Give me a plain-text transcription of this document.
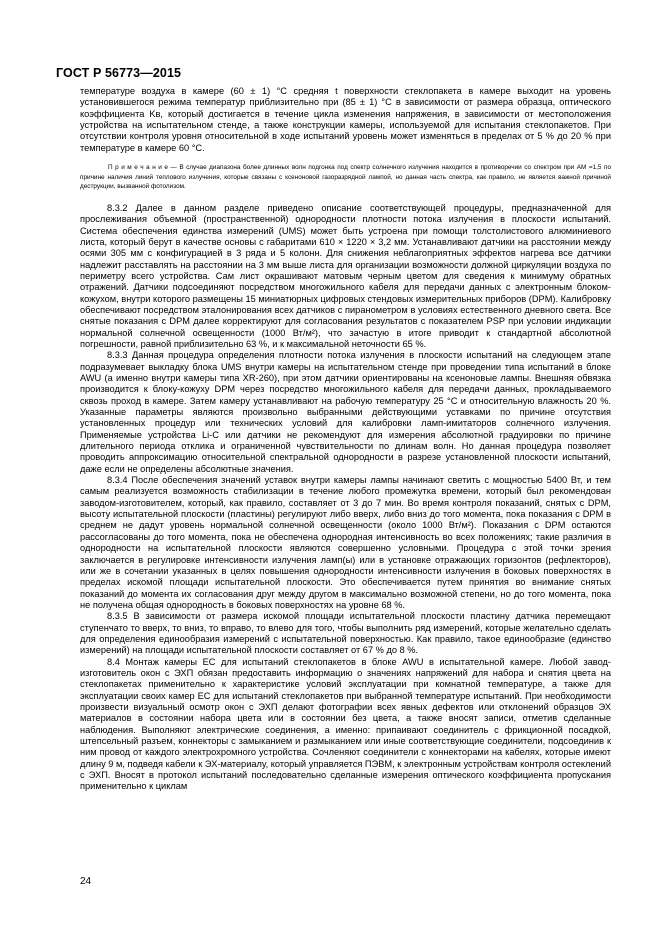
ГОСТ Р 56773—2015

температуре воздуха в камере (60 ± 1) °С средняя t поверхности стеклопакета в камере выходит на уровень установившегося режима температур приблизительно при (85 ± 1) °С в зависимости от размера образца, оптического коэффициента Kв, который достигается в течение цикла изменения напряжения, в зависимости от местоположения устройства на испытательном стенде, а также конструкции камеры, используемой для испытания стеклопакетов. При отсутствии контроля уровня относительной в ходе испытаний уровень может изменяться в пределах от 5 % до 20 % при температуре в камере 60 °С.

П р и м е ч а н и е — В случае диапазона более длинных волн подгонка под спектр солнечного излучения находится в противоречии со спектром при АМ =1,5 по причине наличия линий теплового излучения, которые связаны с ксеноновой газоразрядной лампой, но данная часть спектра, как правило, не является важной причиной деструкции, вызванной фотолизом.

8.3.2 Далее в данном разделе приведено описание соответствующей процедуры, предназначенной для прослеживания объемной (пространственной) однородности плотности потока излучения в плоскости испытаний. Система обеспечения единства измерений (UMS) может быть устроена при помощи толстолистового алюминиевого листа, который берут в качестве основы с габаритами 610 × 1220 × 3,2 мм. Устанавливают датчики на расстоянии между осями 305 мм с конфигурацией в 3 ряда и 5 колонн. Для снижения неблагоприятных эффектов нагрева все датчики надлежит расставлять на расстоянии на 3 мм выше листа для организации возможности должной циркуляции воздуха по периметру всего устройства. Сам лист окрашивают матовым черным цветом для сведения к минимуму обратных отражений. Датчики подсоединяют посредством многожильного кабеля для передачи данных с электронным блоком-кожухом, внутри которого размещены 15 миниатюрных цифровых стендовых измерительных приборов (DPM). Калибровку обеспечивают посредством эталонирования всех датчиков с пиранометром в условиях естественного дневного света. Все снятые показания с DPM далее корректируют для согласования результатов с показателем PSP при условии индикации нормальной солнечной освещенности (1000 Вт/м²), что зачастую в итоге приводит к стандартной абсолютной погрешности, равной приблизительно 63 %, и к максимальной неточности 65 %.

8.3.3 Данная процедура определения плотности потока излучения в плоскости испытаний на следующем этапе подразумевает выкладку блока UMS внутри камеры на испытательном стенде при проведении типа испытаний в блоке AWU (а именно внутри камеры типа XR-260), при этом датчики ориентированы на ксеноновые лампы. Внешняя обвязка производится к блоку-кожуху DPM через посредство многожильного кабеля для передачи данных, прокладываемого сквозь проход в камере. Затем камеру устанавливают на рабочую температуру 25 °С и относительную влажность 20 %. Указанные параметры являются произвольно выбранными действующими уставками по причине отсутствия установленных процедур или технических условий для калибровки ламп-имитаторов солнечного излучения. Применяемые устройства Li-C или датчики не рекомендуют для измерения абсолютной градуировки по причине длительного периода отклика и ограниченной чувствительности по длинам волн. Но данная процедура позволяет проводить аппроксимацию относительной спектральной однородности в разрезе установленной плоскости испытаний, даже если не определены абсолютные значения.

8.3.4 После обеспечения значений уставок внутри камеры лампы начинают светить с мощностью 5400 Вт, и тем самым реализуется возможность стабилизации в течение любого промежутка времени, который был рекомендован заводом-изготовителем, который, как правило, составляет от 3 до 7 мин. Во время контроля показаний, снятых с DPM, высоту испытательной плоскости (пластины) регулируют либо вверх, либо вниз до того момента, пока показания с DPM в среднем не дадут уровень нормальной солнечной освещенности (около 1000 Вт/м²). Показания с DPM остаются рассогласованы до того момента, пока не обеспечена однородная интенсивность во всех положениях; такие различия в однородности на испытательной плоскости являются совершенно условными. Процедура с этой точки зрения заключается в регулировке интенсивности излучения ламп(ы) или в установке отражающих горизонтов (рефлекторов), или же в сочетании указанных в целях повышения однородности интенсивности излучения в боковых поверхностях в пределах искомой площади испытательной плоскости. Это обеспечивается путем принятия во внимание снятых показаний до момента их согласования друг между другом в максимально возможной степени, но до того момента, пока не получена общая однородность в боковых поверхностях на уровне 68 %.

8.3.5 В зависимости от размера искомой площади испытательной плоскости пластину датчика перемещают ступенчато то вверх, то вниз, то вправо, то влево для того, чтобы выполнить ряд измерений, которые желательно сделать для определения единообразия измерений с испытательной поверхностью. Как правило, такое единообразие (единство измерений) на площади испытательной плоскости составляет от 67 % до 8 %.

8.4 Монтаж камеры ЕС для испытаний стеклопакетов в блоке AWU в испытательной камере. Любой завод-изготовитель окон с ЭХП обязан предоставить информацию о значениях напряжений для набора и снятия цвета на стеклопакетах применительно к характеристике условий эксплуатации при комнатной температуре, а также для эксплуатации своих камер ЕС для испытаний стеклопакетов при выбранной температуре испытаний. При необходимости произвести визуальный осмотр окон с ЭХП делают фотографии всех явных дефектов или отклонений образцов ЭХ материалов в состоянии набора цвета или в состоянии без цвета, а также вносят записи, отметив сделанные наблюдения. Выполняют электрические соединения, а именно: припаивают соединитель с фрикционной посадкой, штепсельный разъем, коннекторы с замыканием и размыканием или иные соответствующие соединители, подсоединив к ним провод от каждого электрохромного устройства. Сочленяют соединители с коннекторами на кабелях, которые имеют длину 9 м, подведя кабели к ЭХ-материалу, который управляется ПЭВМ, к электронным устройствам контроля остеклений с ЭХП. Вносят в протокол испытаний последовательно сделанные измерения оптического коэффициента пропускания применительно к циклам

24
